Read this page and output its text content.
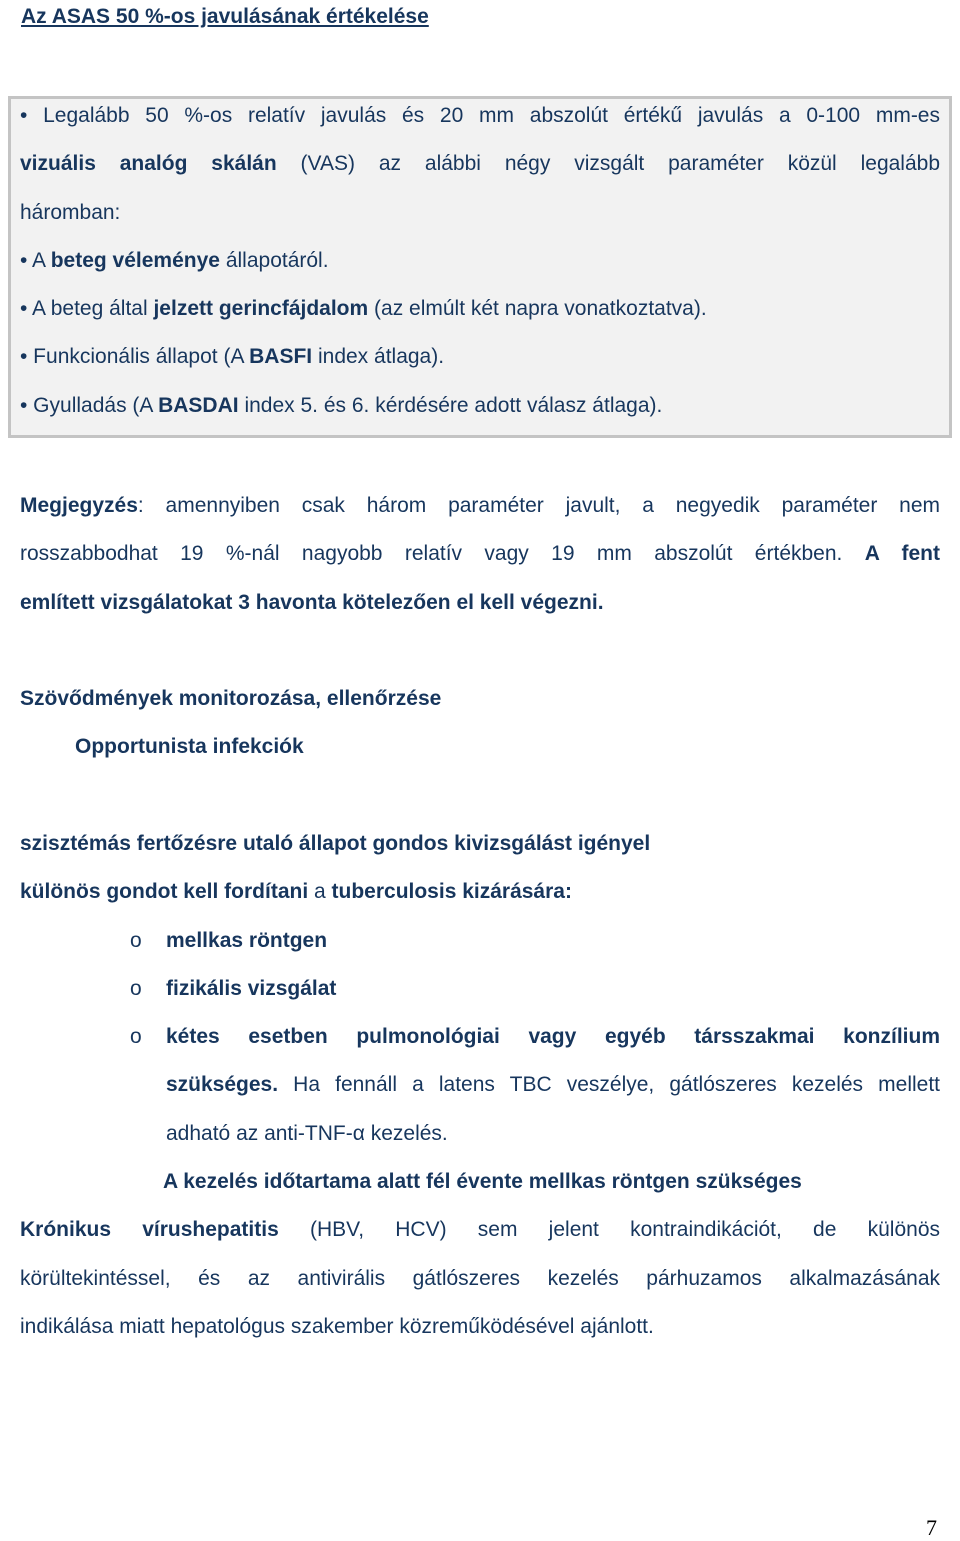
Az ASAS 50 %-os javulásának értékelése
• Legalább 50 %-os relatív javulás és 20 mm abszolút értékű javulás a 0-100 mm-es
vizuális analóg skálán (VAS) az alábbi négy vizsgált paraméter közül legalább
háromban:
• A beteg véleménye állapotáról.
• A beteg által jelzett gerincfájdalom (az elmúlt két napra vonatkoztatva).
• Funkcionális állapot (A BASFI index átlaga).
• Gyulladás (A BASDAI index 5. és 6. kérdésére adott válasz átlaga).
Megjegyzés: amennyiben csak három paraméter javult, a negyedik paraméter nem
rosszabbodhat 19 %-nál nagyobb relatív vagy 19 mm abszolút értékben. A fent
említett vizsgálatokat 3 havonta kötelezően el kell végezni.
Szövődmények monitorozása, ellenőrzése
Opportunista infekciók
szisztémás fertőzésre utaló állapot gondos kivizsgálást igényel
különös gondot kell fordítani a tuberculosis kizárására:
o mellkas röntgen
o fizikális vizsgálat
o kétes esetben pulmonológiai vagy egyéb társszakmai konzílium
szükséges. Ha fennáll a latens TBC veszélye, gátlószeres kezelés mellett
adható az anti-TNF-α kezelés.
A kezelés időtartama alatt fél évente mellkas röntgen szükséges
Krónikus vírushepatitis (HBV, HCV) sem jelent kontraindikációt, de különös
körültekintéssel, és az antivirális gátlószeres kezelés párhuzamos alkalmazásának
indikálása miatt hepatológus szakember közreműködésével ajánlott.
7
